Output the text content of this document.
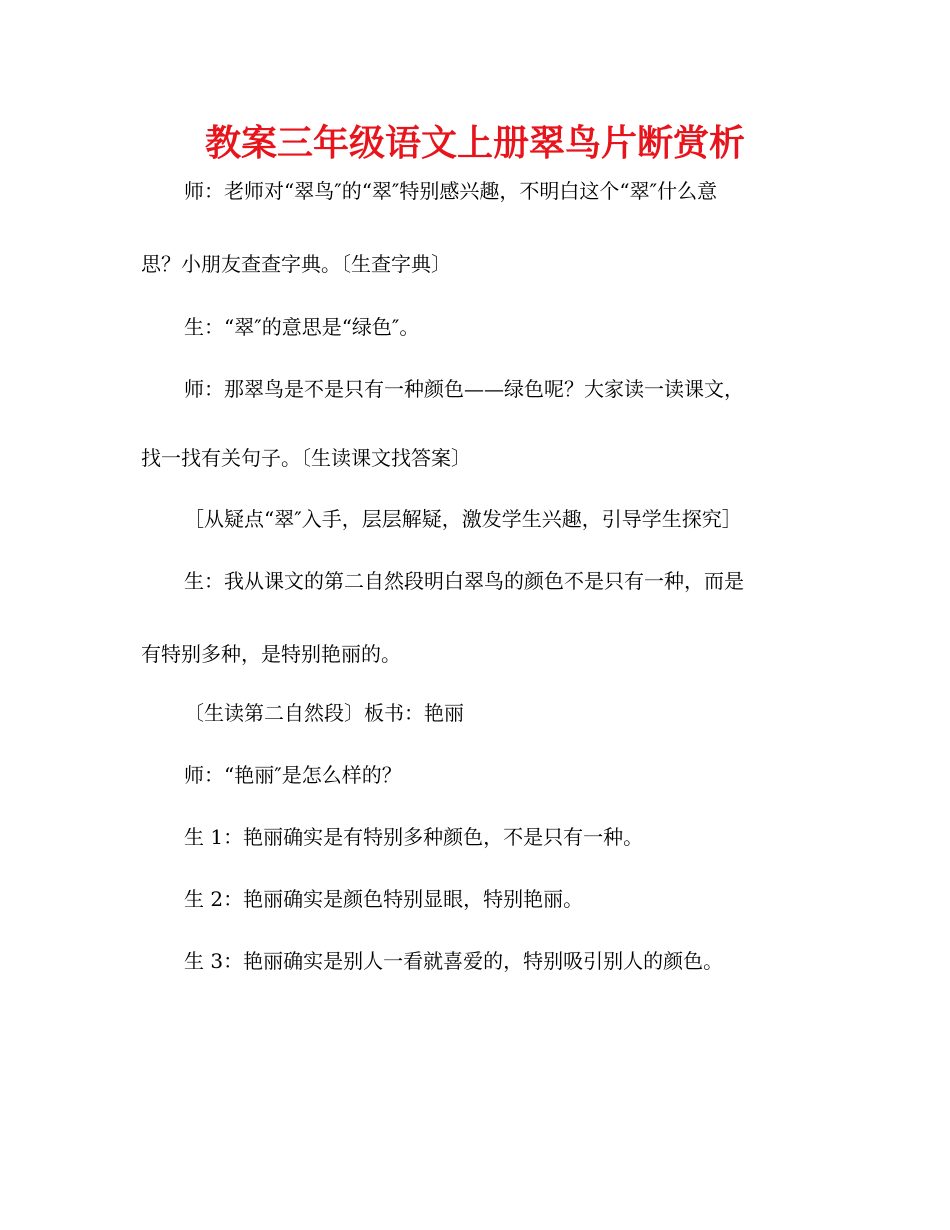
教案三年级语文上册翠鸟片断赏析

师：老师对“翠鸟″的“翠″特别感兴趣，不明白这个“翠″什么意

思？小朋友查查字典。〔生查字典〕

生：“翠″的意思是“绿色″。

师：那翠鸟是不是只有一种颜色——绿色呢？大家读一读课文，

找一找有关句子。〔生读课文找答案〕

［从疑点“翠″入手，层层解疑，激发学生兴趣，引导学生探究］

生：我从课文的第二自然段明白翠鸟的颜色不是只有一种，而是

有特别多种，是特别艳丽的。

〔生读第二自然段〕板书：艳丽

师：“艳丽″是怎么样的？

生 1：艳丽确实是有特别多种颜色，不是只有一种。

生 2：艳丽确实是颜色特别显眼，特别艳丽。

生 3：艳丽确实是别人一看就喜爱的，特别吸引别人的颜色。
